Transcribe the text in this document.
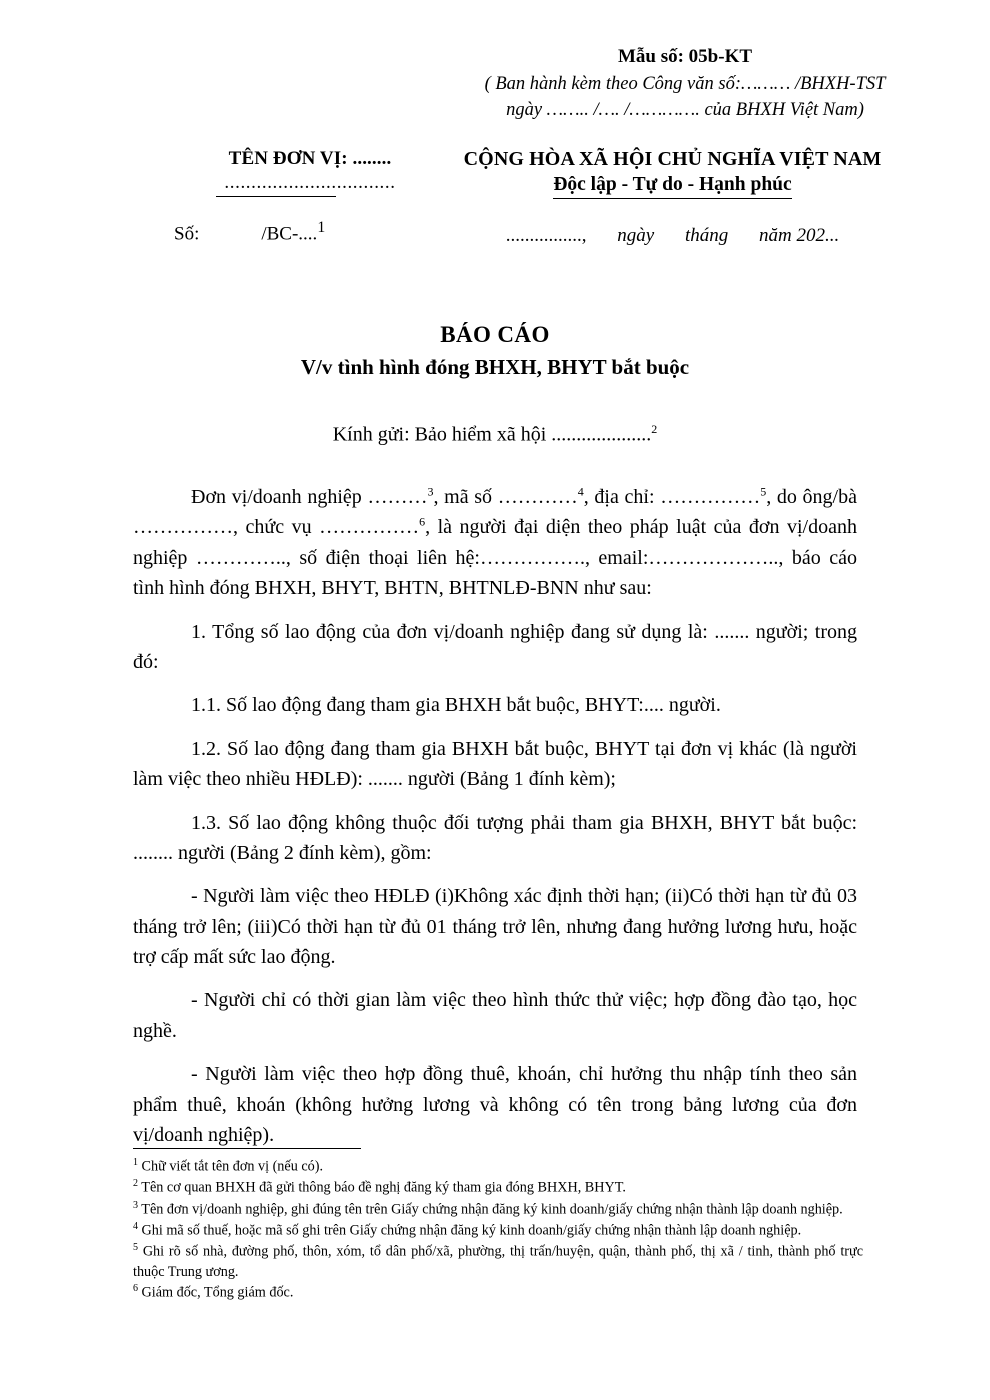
Mẫu số: 05b-KT
( Ban hành kèm theo Công văn số:……… /BHXH-TST
ngày …….. /…. /…………. của BHXH Việt Nam)
TÊN ĐƠN VỊ: ........
................................
Số:	/BC-....$^1$
CỘNG HÒA XÃ HỘI CHỦ NGHĨA VIỆT NAM
Độc lập - Tự do - Hạnh phúc
................, ngày tháng năm 202...
BÁO CÁO
V/v tình hình đóng BHXH, BHYT bắt buộc
Kính gửi: Bảo hiểm xã hội ....................$^2$

Đơn vị/doanh nghiệp ………$^3$, mã số …………$^4$, địa chỉ: ……………$^5$, do ông/bà ……………, chức vụ ……………$^6$, là người đại diện theo pháp luật của đơn vị/doanh nghiệp ………….., số điện thoại liên hệ:……………., email:……………….., báo cáo tình hình đóng BHXH, BHYT, BHTN, BHTNLĐ-BNN như sau:

1. Tổng số lao động của đơn vị/doanh nghiệp đang sử dụng là: ....... người; trong đó:

1.1. Số lao động đang tham gia BHXH bắt buộc, BHYT:.... người.

1.2. Số lao động đang tham gia BHXH bắt buộc, BHYT tại đơn vị khác (là người làm việc theo nhiều HĐLĐ): ....... người (Bảng 1 đính kèm);

1.3. Số lao động không thuộc đối tượng phải tham gia BHXH, BHYT bắt buộc: ........ người (Bảng 2 đính kèm), gồm:

- Người làm việc theo HĐLĐ (i)Không xác định thời hạn; (ii)Có thời hạn từ đủ 03 tháng trở lên; (iii)Có thời hạn từ đủ 01 tháng trở lên, nhưng đang hưởng lương hưu, hoặc trợ cấp mất sức lao động.

- Người chỉ có thời gian làm việc theo hình thức thử việc; hợp đồng đào tạo, học nghề.

- Người làm việc theo hợp đồng thuê, khoán, chỉ hưởng thu nhập tính theo sản phẩm thuê, khoán (không hưởng lương và không có tên trong bảng lương của đơn vị/doanh nghiệp).

$^1$ Chữ viết tắt tên đơn vị (nếu có).

$^2$ Tên cơ quan BHXH đã gửi thông báo đề nghị đăng ký tham gia đóng BHXH, BHYT.

$^3$ Tên đơn vị/doanh nghiệp, ghi đúng tên trên Giấy chứng nhận đăng ký kinh doanh/giấy chứng nhận thành lập doanh nghiệp.

$^4$ Ghi mã số thuế, hoặc mã số ghi trên Giấy chứng nhận đăng ký kinh doanh/giấy chứng nhận thành lập doanh nghiệp.

$^5$ Ghi rõ số nhà, đường phố, thôn, xóm, tổ dân phố/xã, phường, thị trấn/huyện, quận, thành phố, thị xã / tinh, thành phố trực thuộc Trung ương.

$^6$ Giám đốc, Tổng giám đốc.
